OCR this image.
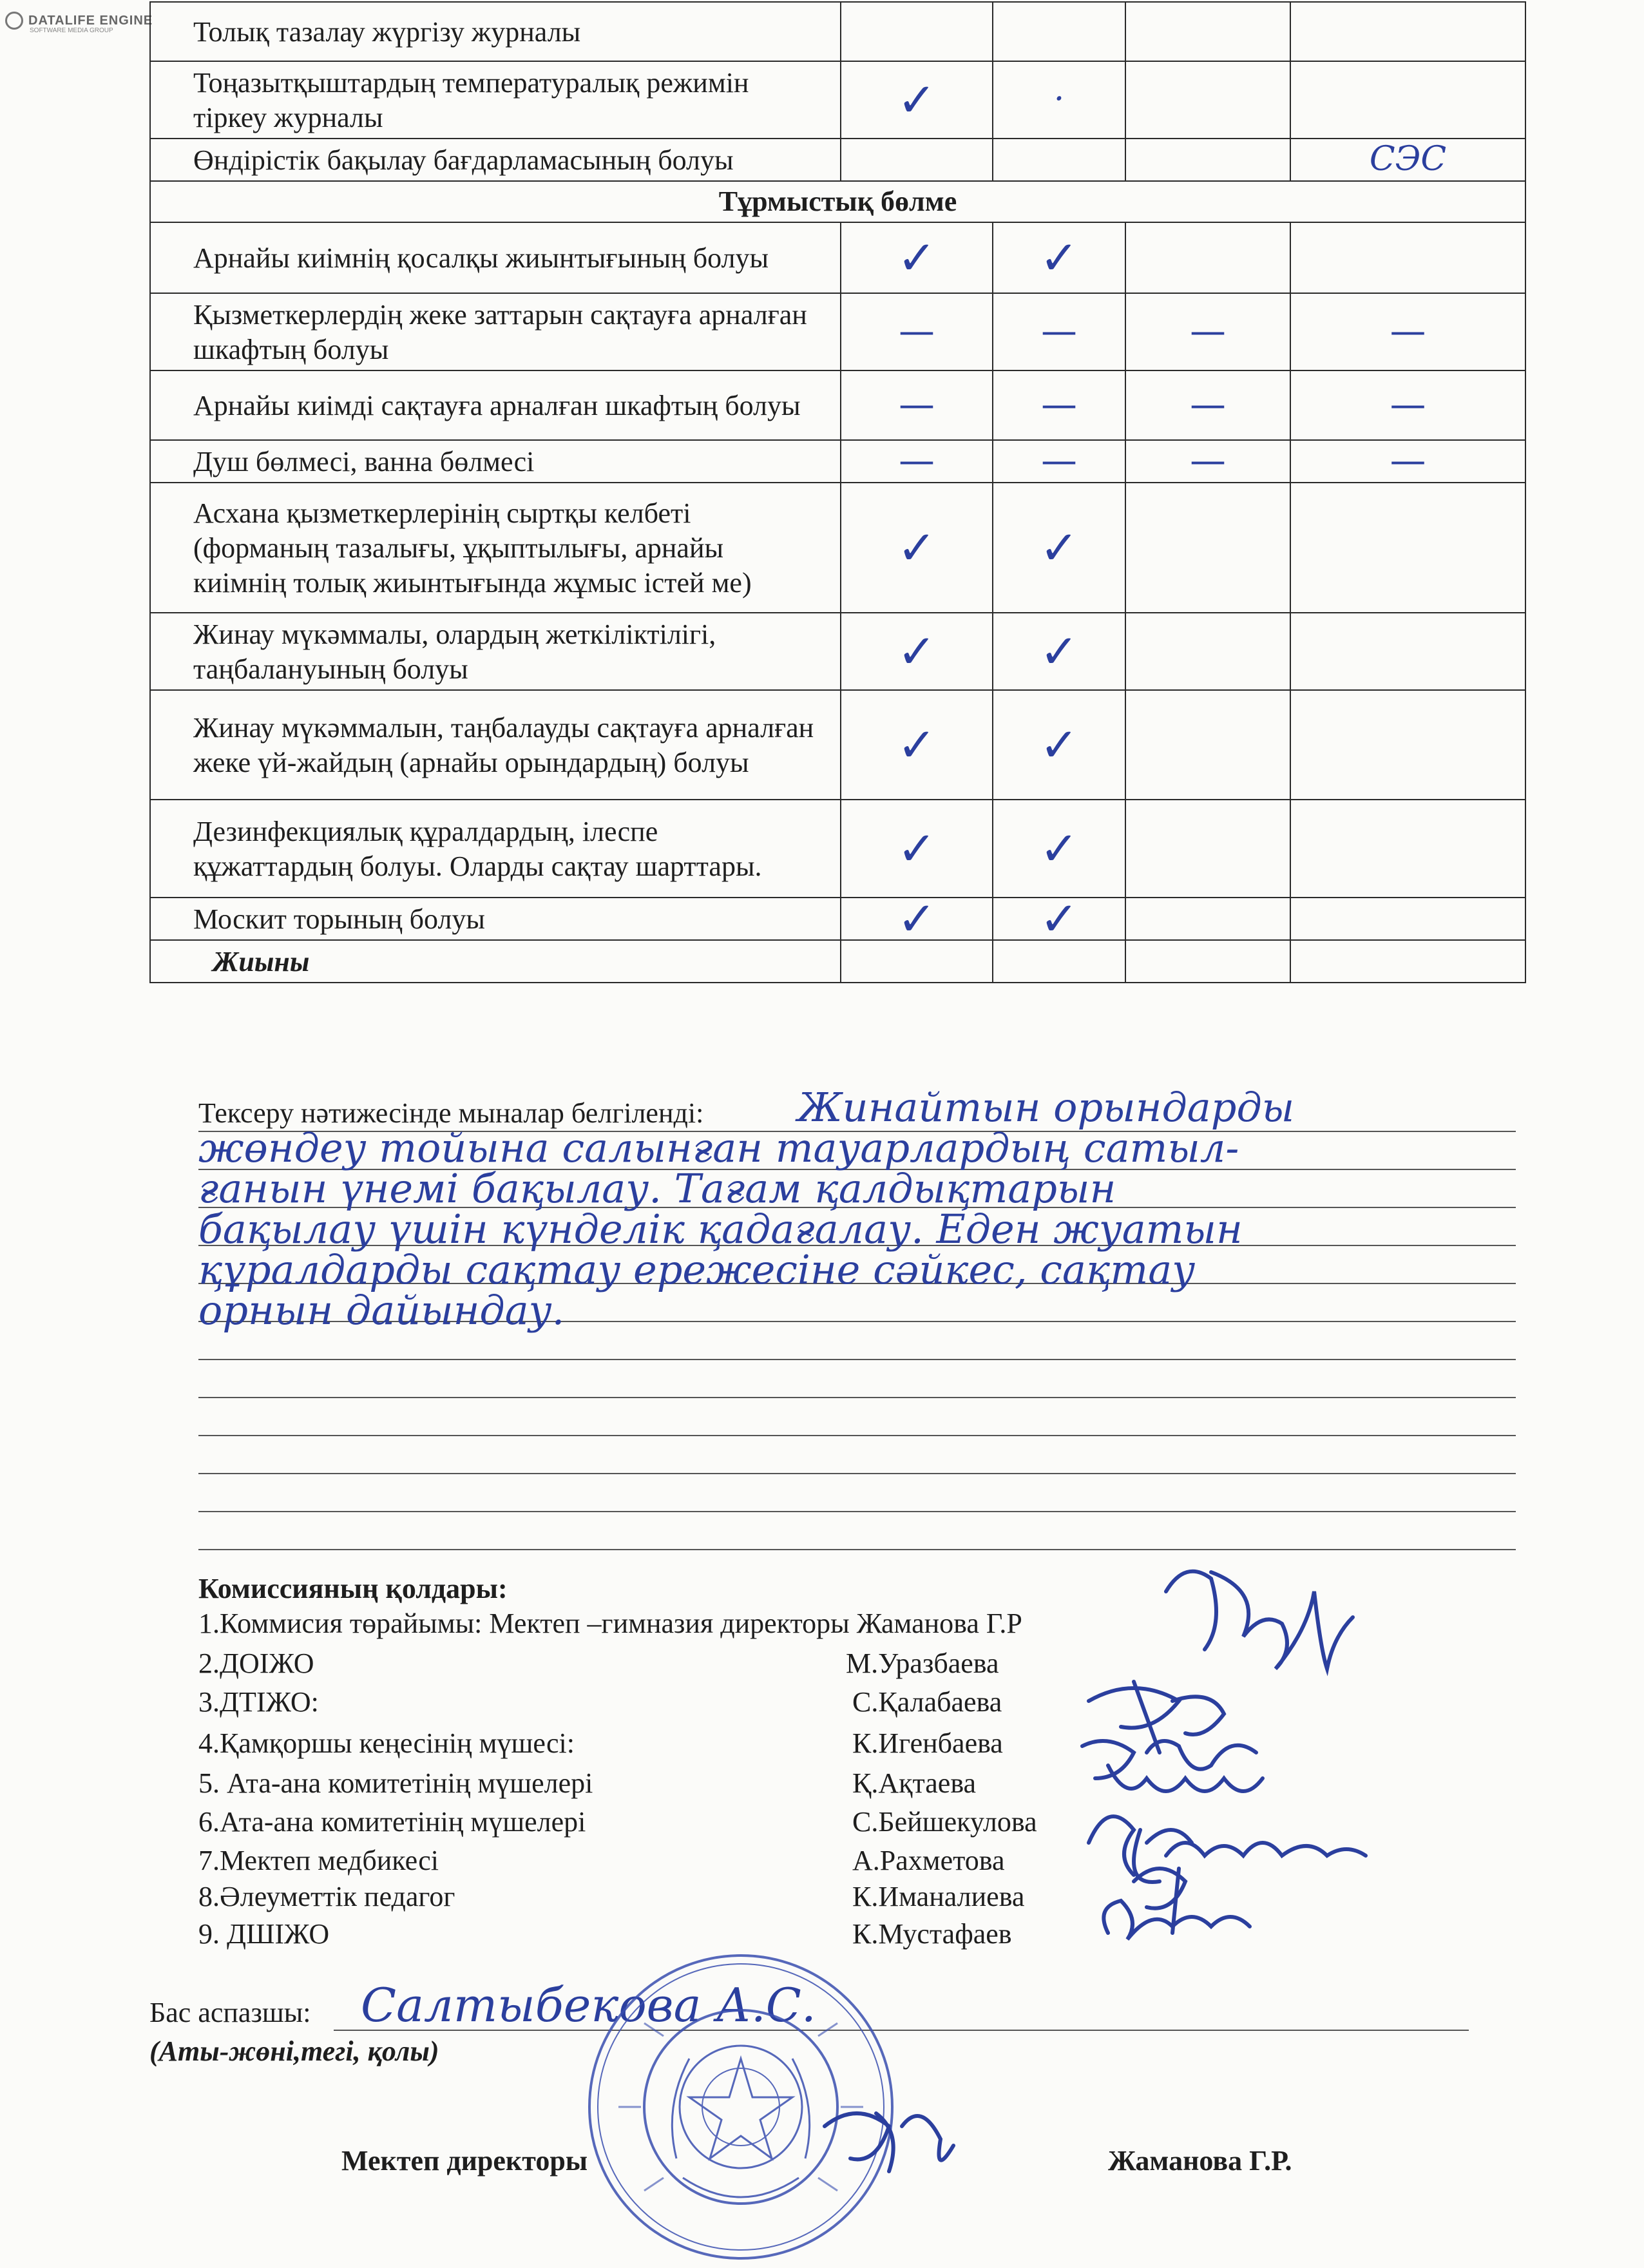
DATALIFE ENGINE
SOFTWARE MEDIA GROUP	Толық тазалау жүргізу журналы				
Тоңазытқыштардың температуралық режимін тіркеу журналы	✓	·		
Өндірістік бақылау бағдарламасының болуы				СЭС
Тұрмыстық бөлме				
Арнайы киімнің қосалқы жиынтығының болуы	✓	✓		

Қызметкерлердің жеке заттарын сақтауға арналған шкафтың болуы	—	—	—	—

Арнайы киімді сақтауға арналған шкафтың болуы	—	—	—	—

Душ бөлмесі, ванна бөлмесі	—	—	—	—

Асхана қызметкерлерінің сыртқы келбеті (форманың тазалығы, ұқыптылығы, арнайы киімнің толық жиынтығында жұмыс істей ме)	✓	✓		

Жинау мүкәммалы, олардың жеткіліктілігі, таңбалануының болуы	✓	✓		

Жинау мүкәммалын, таңбалауды сақтауға арналған жеке үй-жайдың (арнайы орындардың) болуы	✓	✓		

Дезинфекциялық құралдардың, ілеспе құжаттардың болуы. Оларды сақтау шарттары.	✓	✓		

Москит торының болуы	✓	✓		

Жиыны				
Тексеру нәтижесінде мыналар белгіленді:	Жинайтын орындарды
жөндеу тойына салынған тауарлардың сатыл-
ғанын үнемі бақылау. Тағам қалдықтарын
бақылау үшін күнделік қадағалау. Еден жуатын
құралдарды сақтау ережесіне сәйкес, сақтау
орнын дайындау.
Комиссияның қолдары:
1.Коммисия төрайымы: Мектеп –гимназия директоры Жаманова Г.Р
2.ДОІЖО	М.Уразбаева
3.ДТІЖО:	С.Қалабаева
4.Қамқоршы кеңесінің мүшесі:	К.Игенбаева
5. Ата-ана комитетінің мүшелері	Қ.Ақтаева
6.Ата-ана комитетінің мүшелері	С.Бейшекулова
7.Мектеп медбикесі	А.Рахметова
8.Әлеуметтік педагог	К.Иманалиева
9. ДШІЖО	К.Мустафаев
Бас аспазшы: Салтыбекова А.С.
(Аты-жөні,тегі, қолы)
Мектеп директоры	Жаманова Г.Р.
